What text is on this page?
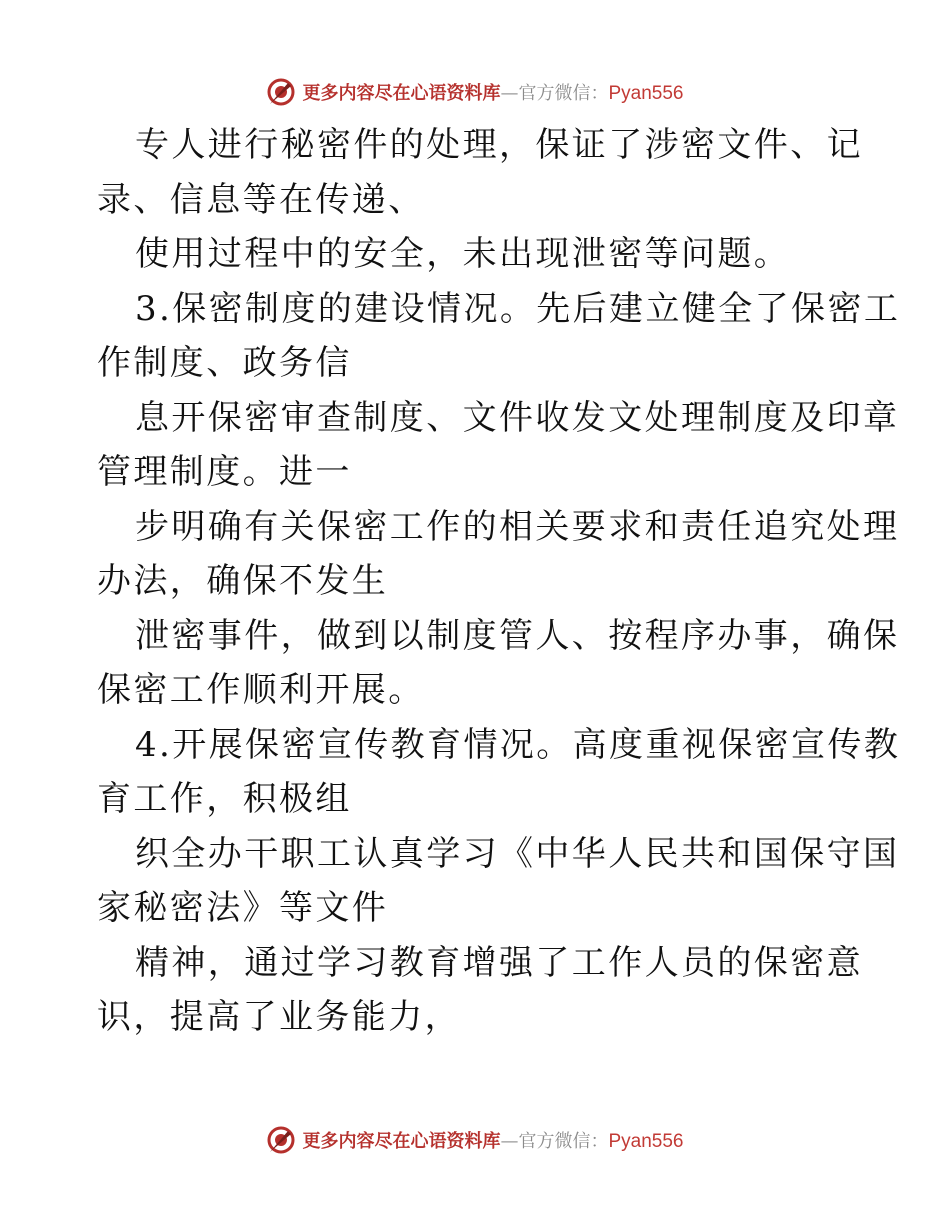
更多内容尽在心语资料库—官方微信：Pyan556
专人进行秘密件的处理，保证了涉密文件、记
录、信息等在传递、
使用过程中的安全，未出现泄密等问题。
3.保密制度的建设情况。先后建立健全了保密工
作制度、政务信
息开保密审查制度、文件收发文处理制度及印章
管理制度。进一
步明确有关保密工作的相关要求和责任追究处理
办法，确保不发生
泄密事件，做到以制度管人、按程序办事，确保
保密工作顺利开展。
4.开展保密宣传教育情况。高度重视保密宣传教
育工作，积极组
织全办干职工认真学习《中华人民共和国保守国
家秘密法》等文件
精神，通过学习教育增强了工作人员的保密意
识，提高了业务能力，
更多内容尽在心语资料库—官方微信：Pyan556
